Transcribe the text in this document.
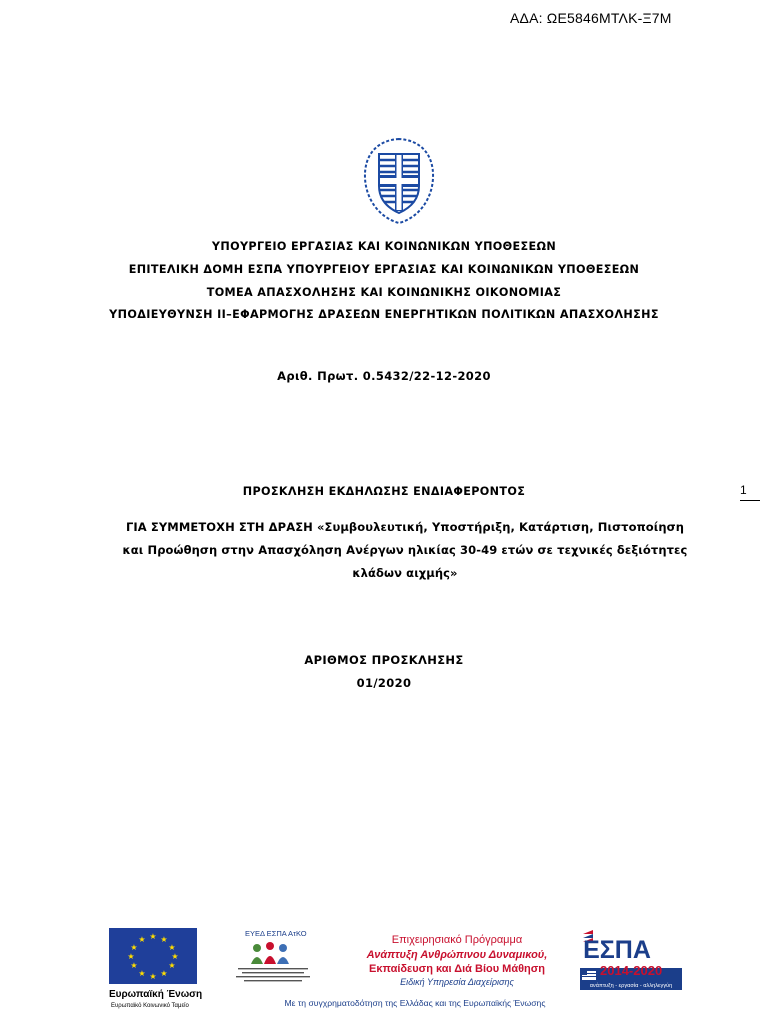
ΑΔΑ: ΩΕ5846ΜΤΛΚ-Ξ7Μ
ΥΠΟΥΡΓΕΙΟ ΕΡΓΑΣΙΑΣ ΚΑΙ ΚΟΙΝΩΝΙΚΩΝ ΥΠΟΘΕΣΕΩΝ
ΕΠΙΤΕΛΙΚΗ ΔΟΜΗ ΕΣΠΑ ΥΠΟΥΡΓΕΙΟΥ ΕΡΓΑΣΙΑΣ ΚΑΙ ΚΟΙΝΩΝΙΚΩΝ ΥΠΟΘΕΣΕΩΝ
ΤΟΜΕΑ ΑΠΑΣΧΟΛΗΣΗΣ ΚΑΙ ΚΟΙΝΩΝΙΚΗΣ ΟΙΚΟΝΟΜΙΑΣ
ΥΠΟΔΙΕΥΘΥΝΣΗ ΙΙ–ΕΦΑΡΜΟΓΗΣ ΔΡΑΣΕΩΝ ΕΝΕΡΓΗΤΙΚΩΝ ΠΟΛΙΤΙΚΩΝ ΑΠΑΣΧΟΛΗΣΗΣ
Αριθ. Πρωτ. 0.5432/22-12-2020
ΠΡΟΣΚΛΗΣΗ ΕΚΔΗΛΩΣΗΣ ΕΝΔΙΑΦΕΡΟΝΤΟΣ
ΓΙΑ ΣΥΜΜΕΤΟΧΗ ΣΤΗ ΔΡΑΣΗ «Συμβουλευτική, Υποστήριξη, Κατάρτιση, Πιστοποίηση
και Προώθηση στην Απασχόληση Ανέργων ηλικίας 30-49 ετών σε τεχνικές δεξιότητες
κλάδων αιχμής»
1
ΑΡΙΘΜΟΣ ΠΡΟΣΚΛΗΣΗΣ
01/2020
★ ★
★
★
★
★
★
★
★
★
★
★
Ευρωπαϊκή Ένωση
Ευρωπαϊκό Κοινωνικό Ταμείο
ΕΥΕΔ ΕΣΠΑ ΑτΚΟ
Επιχειρησιακό Πρόγραμμα
Ανάπτυξη Ανθρώπινου Δυναμικού,
Εκπαίδευση και Διά Βίου Μάθηση
Ειδική Υπηρεσία Διαχείρισης
ΕΣΠΑ
2014-2020
ανάπτυξη - εργασία - αλληλεγγύη
Με τη συγχρηματοδότηση της Ελλάδας και της Ευρωπαϊκής Ένωσης
